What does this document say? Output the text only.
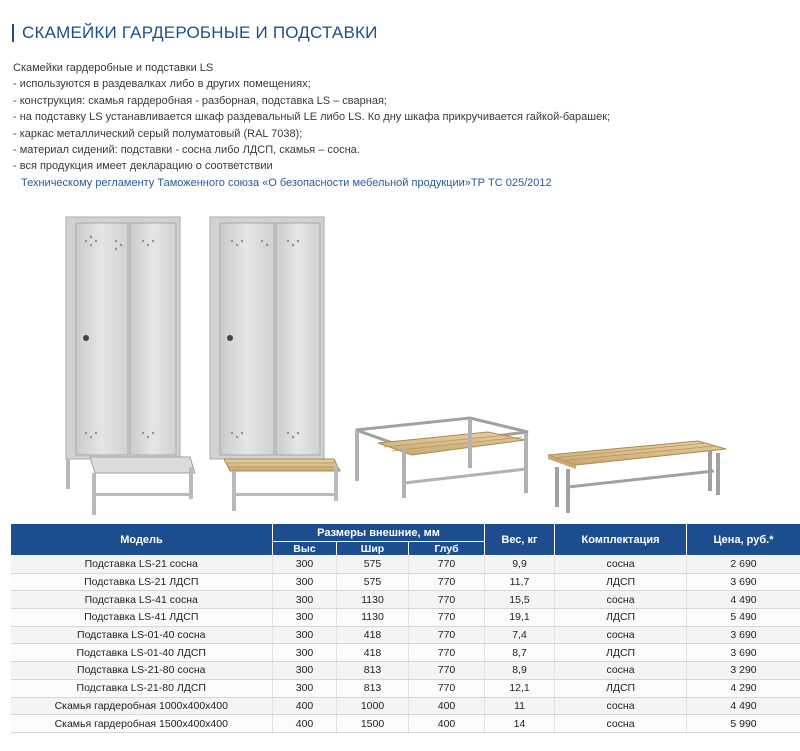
СКАМЕЙКИ ГАРДЕРОБНЫЕ И ПОДСТАВКИ
Скамейки гардеробные и подставки LS
- используются в раздевалках либо в других помещениях;
- конструкция: скамья гардеробная - разборная, подставка LS – сварная;
- на подставку LS устанавливается шкаф раздевальный LE либо LS. Ко дну шкафа прикручивается гайкой-барашек;
- каркас металлический серый полуматовый (RAL 7038);
- материал сидений: подставки - сосна либо ЛДСП, скамья – сосна.
- вся продукция имеет декларацию о соответствии
Техническому регламенту Таможенного союза «О безопасности мебельной продукции»ТР ТС 025/2012
Модель	Размеры внешние, мм			Вес, кг	Комплектация	Цена, руб.*
	Выс	Шир	Глуб			
Подставка LS-21 сосна	300	575	770	9,9	сосна	2 690
Подставка LS-21 ЛДСП	300	575	770	11,7	ЛДСП	3 690
Подставка LS-41 сосна	300	1130	770	15,5	сосна	4 490
Подставка LS-41 ЛДСП	300	1130	770	19,1	ЛДСП	5 490
Подставка LS-01-40 сосна	300	418	770	7,4	сосна	3 690
Подставка LS-01-40 ЛДСП	300	418	770	8,7	ЛДСП	3 690
Подставка LS-21-80 сосна	300	813	770	8,9	сосна	3 290
Подставка LS-21-80 ЛДСП	300	813	770	12,1	ЛДСП	4 290
Скамья гардеробная 1000х400х400	400	1000	400	11	сосна	4 490
Скамья гардеробная 1500х400х400	400	1500	400	14	сосна	5 990
